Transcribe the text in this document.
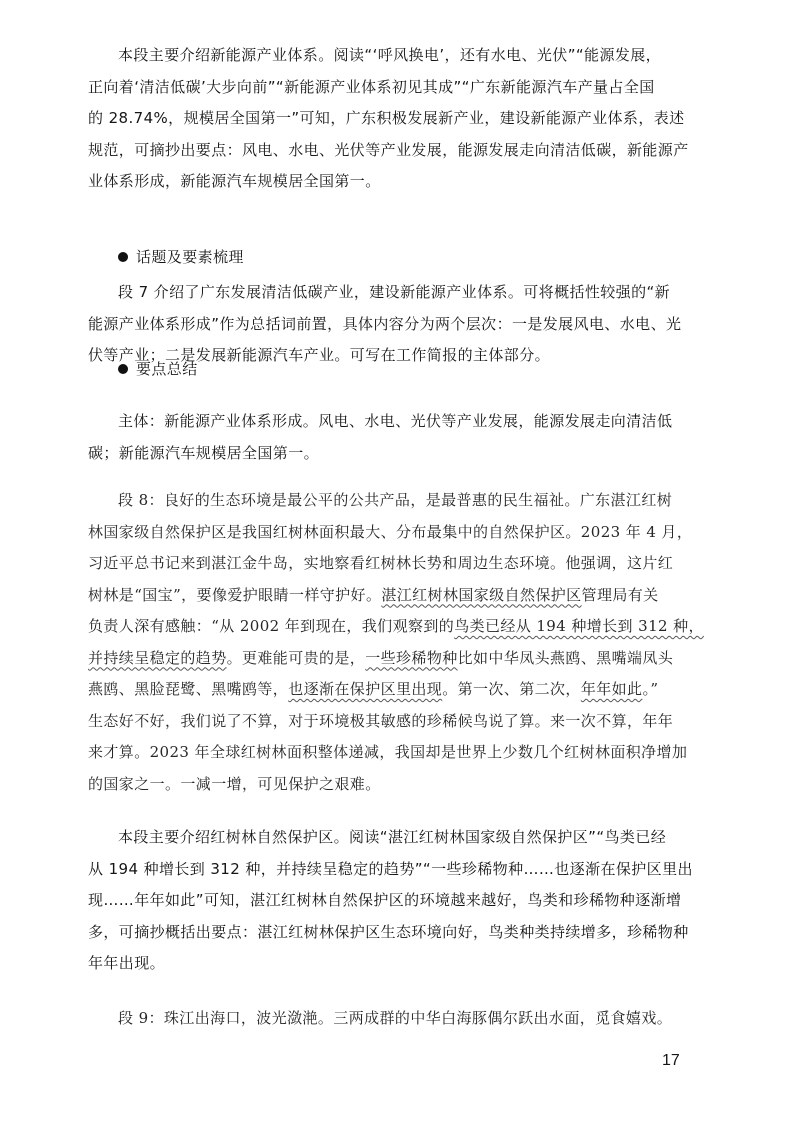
本段主要介绍新能源产业体系。阅读“‘呼风换电’，还有水电、光伏”“能源发展，
正向着‘清洁低碳’大步向前”“新能源产业体系初见其成”“广东新能源汽车产量占全国
的 28.74%，规模居全国第一”可知，广东积极发展新产业，建设新能源产业体系，表述
规范，可摘抄出要点：风电、水电、光伏等产业发展，能源发展走向清洁低碳，新能源产
业体系形成，新能源汽车规模居全国第一。

话题及要素梳理

段 7 介绍了广东发展清洁低碳产业，建设新能源产业体系。可将概括性较强的“新
能源产业体系形成”作为总括词前置，具体内容分为两个层次：一是发展风电、水电、光
伏等产业；二是发展新能源汽车产业。可写在工作简报的主体部分。

要点总结

主体：新能源产业体系形成。风电、水电、光伏等产业发展，能源发展走向清洁低
碳；新能源汽车规模居全国第一。

段 8：良好的生态环境是最公平的公共产品，是最普惠的民生福祉。广东湛江红树
林国家级自然保护区是我国红树林面积最大、分布最集中的自然保护区。2023 年 4 月，
习近平总书记来到湛江金牛岛，实地察看红树林长势和周边生态环境。他强调，这片红
树林是“国宝”，要像爱护眼睛一样守护好。湛江红树林国家级自然保护区管理局有关
负责人深有感触：“从 2002 年到现在，我们观察到的鸟类已经从 194 种增长到 312 种，
并持续呈稳定的趋势。更难能可贵的是，一些珍稀物种比如中华凤头燕鸥、黑嘴端凤头
燕鸥、黑脸琵鹭、黑嘴鸥等，也逐渐在保护区里出现。第一次、第二次，年年如此。”
生态好不好，我们说了不算，对于环境极其敏感的珍稀候鸟说了算。来一次不算，年年
来才算。2023 年全球红树林面积整体递减，我国却是世界上少数几个红树林面积净增加
的国家之一。一减一增，可见保护之艰难。

本段主要介绍红树林自然保护区。阅读“湛江红树林国家级自然保护区”“鸟类已经
从 194 种增长到 312 种，并持续呈稳定的趋势”“一些珍稀物种……也逐渐在保护区里出
现……年年如此”可知，湛江红树林自然保护区的环境越来越好，鸟类和珍稀物种逐渐增
多，可摘抄概括出要点：湛江红树林保护区生态环境向好，鸟类种类持续增多，珍稀物种
年年出现。

段 9：珠江出海口，波光潋滟。三两成群的中华白海豚偶尔跃出水面，觅食嬉戏。

17
